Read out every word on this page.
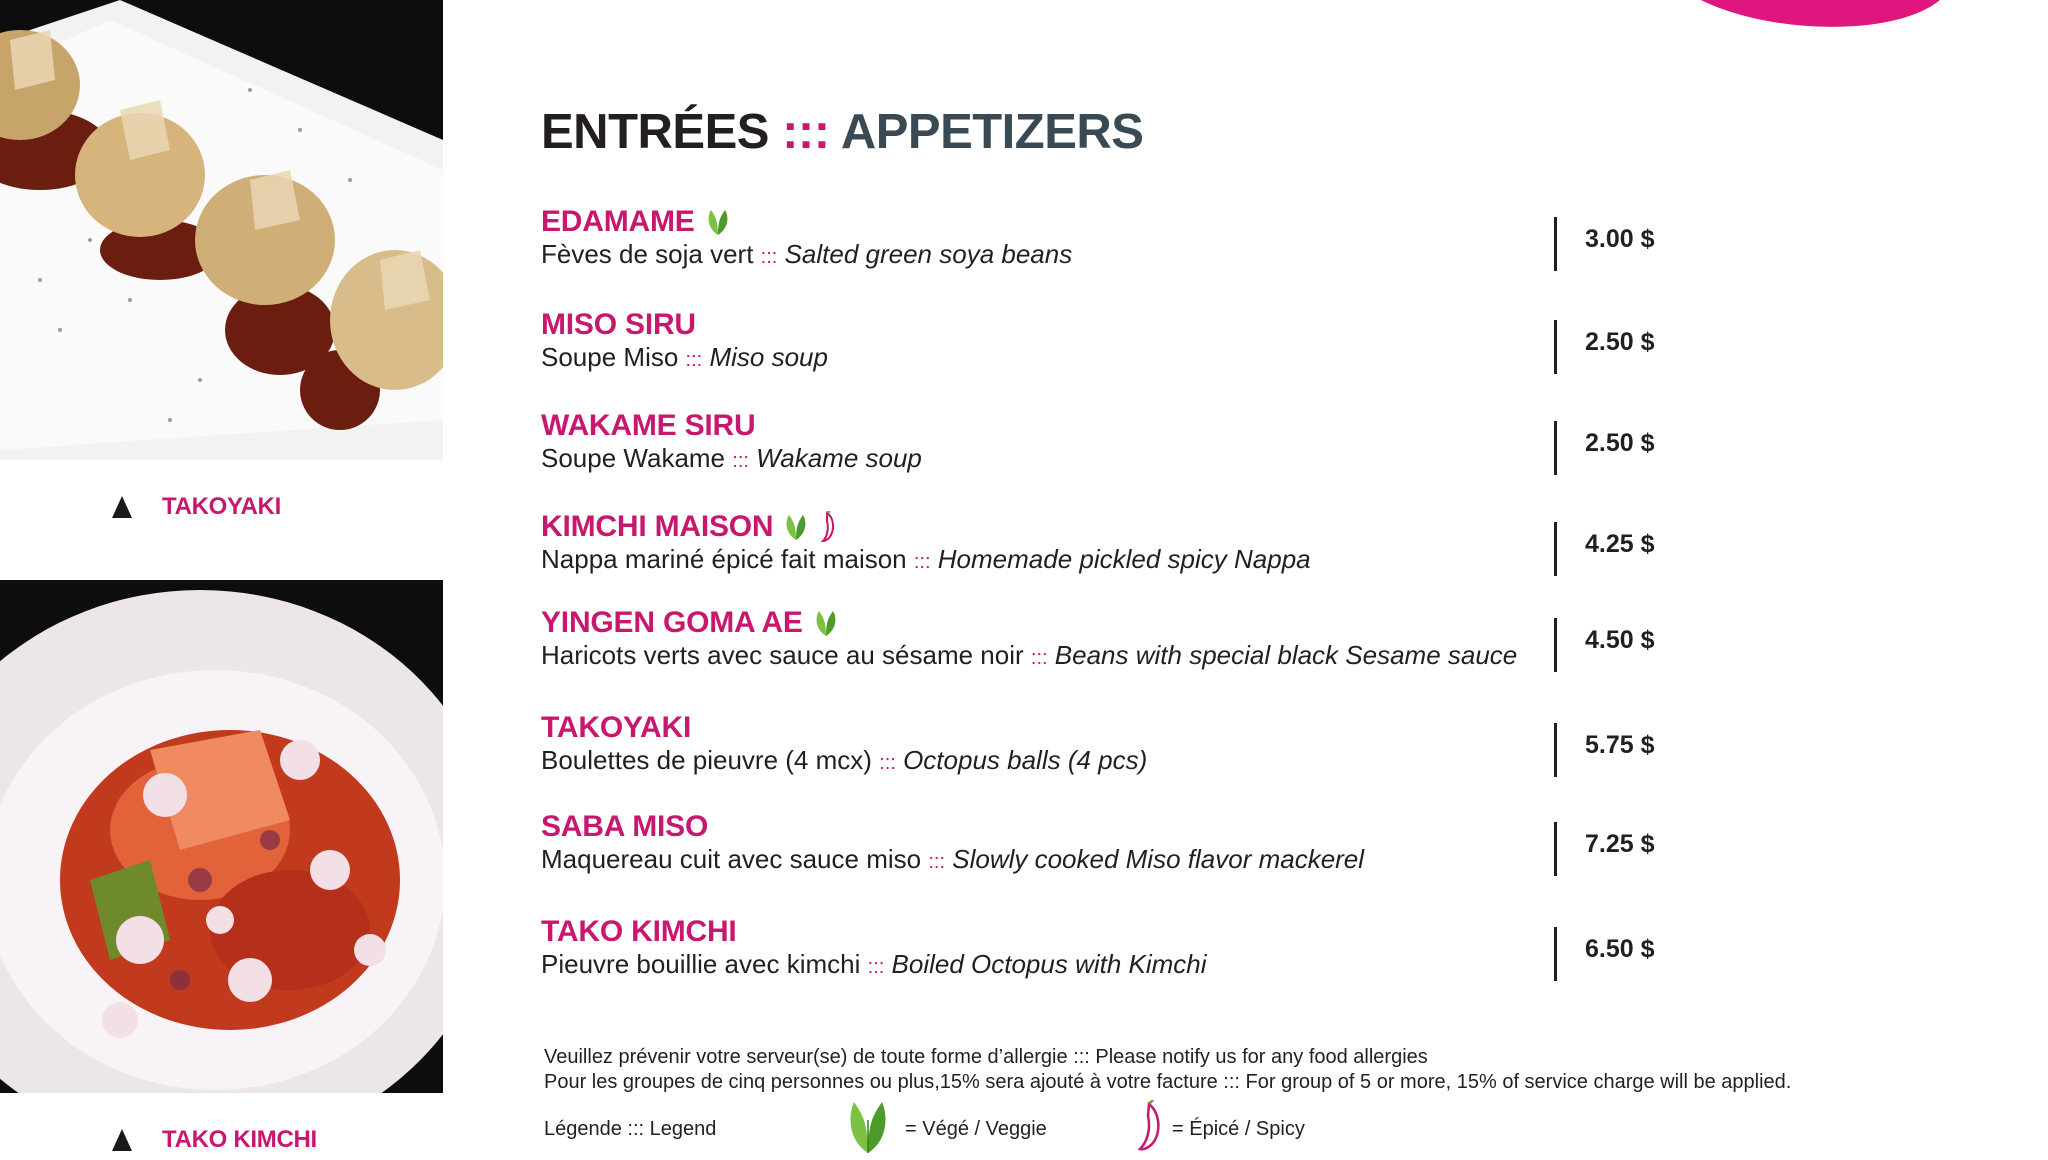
TAKOYAKI
TAKO KIMCHI
ENTRÉES ::: APPETIZERS
EDAMAME
Fèves de soja vert ::: Salted green soya beans	3.00 $
MISO SIRU
Soupe Miso ::: Miso soup	2.50 $
WAKAME SIRU
Soupe Wakame ::: Wakame soup	2.50 $
KIMCHI MAISON
Nappa mariné épicé fait maison ::: Homemade pickled spicy Nappa	4.25 $
YINGEN GOMA AE
Haricots verts avec sauce au sésame noir ::: Beans with special black Sesame sauce	4.50 $
TAKOYAKI
Boulettes de pieuvre (4 mcx) ::: Octopus balls (4 pcs)	5.75 $
SABA MISO
Maquereau cuit avec sauce miso ::: Slowly cooked Miso flavor mackerel	7.25 $
TAKO KIMCHI
Pieuvre bouillie avec kimchi ::: Boiled Octopus with Kimchi	6.50 $
Veuillez prévenir votre serveur(se) de toute forme d’allergie ::: Please notify us for any food allergies
Pour les groupes de cinq personnes ou plus,15% sera ajouté à votre facture ::: For group of 5 or more, 15% of service charge will be applied.
Légende ::: Legend	= Végé / Veggie	= Épicé / Spicy
